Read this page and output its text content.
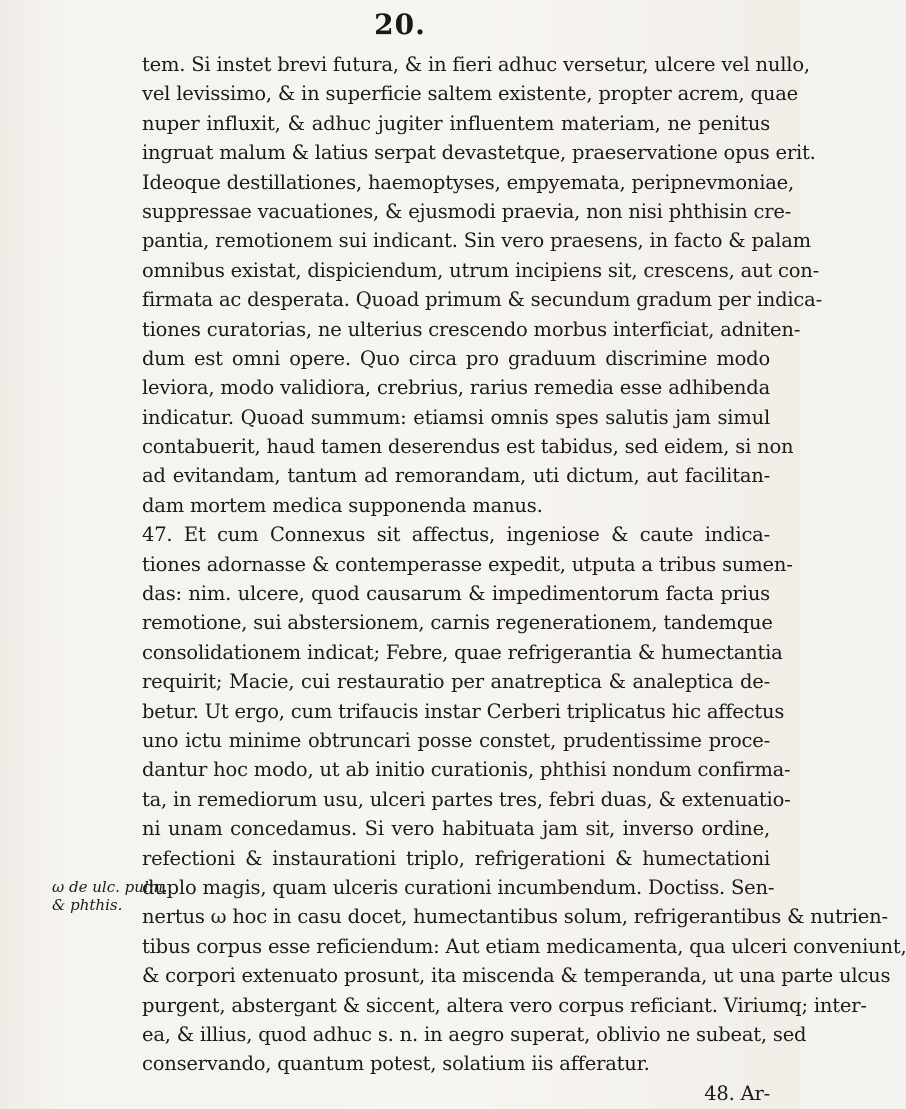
20.
tem. Si instet brevi futura, & in fieri adhuc versetur, ulcere vel nullo,
vel levissimo, & in superficie saltem existente, propter acrem, quae
nuper influxit, & adhuc jugiter influentem materiam, ne penitus
ingruat malum & latius serpat devastetque, praeservatione opus erit.
Ideoque destillationes, haemoptyses, empyemata, peripnevmoniae,
suppressae vacuationes, & ejusmodi praevia, non nisi phthisin cre-
pantia, remotionem sui indicant. Sin vero praesens, in facto & palam
omnibus existat, dispiciendum, utrum incipiens sit, crescens, aut con-
firmata ac desperata. Quoad primum & secundum gradum per indica-
tiones curatorias, ne ulterius crescendo morbus interficiat, adniten-
dum est omni opere. Quo circa pro graduum discrimine modo
leviora, modo validiora, crebrius, rarius remedia esse adhibenda
indicatur. Quoad summum: etiamsi omnis spes salutis jam simul
contabuerit, haud tamen deserendus est tabidus, sed eidem, si non
ad evitandam, tantum ad remorandam, uti dictum, aut facilitan-
dam mortem medica supponenda manus.
47. Et cum Connexus sit affectus, ingeniose & caute indica-
tiones adornasse & contemperasse expedit, utputa a tribus sumen-
das: nim. ulcere, quod causarum & impedimentorum facta prius
remotione, sui abstersionem, carnis regenerationem, tandemque
consolidationem indicat; Febre, quae refrigerantia & humectantia
requirit; Macie, cui restauratio per anatreptica & analeptica de-
betur. Ut ergo, cum trifaucis instar Cerberi triplicatus hic affectus
uno ictu minime obtruncari posse constet, prudentissime proce-
dantur hoc modo, ut ab initio curationis, phthisi nondum confirma-
ta, in remediorum usu, ulceri partes tres, febri duas, & extenuatio-
ni unam concedamus. Si vero habituata jam sit, inverso ordine,
refectioni & instaurationi triplo, refrigerationi & humectationi
duplo magis, quam ulceris curationi incumbendum. Doctiss. Sen-
nertus ω hoc in casu docet, humectantibus solum, refrigerantibus & nutrien-
tibus corpus esse reficiendum: Aut etiam medicamenta, qua ulceri conveniunt,
& corpori extenuato prosunt, ita miscenda & temperanda, ut una parte ulcus
purgent, abstergant & siccent, altera vero corpus reficiant. Viriumq; inter-
ea, & illius, quod adhuc s. n. in aegro superat, oblivio ne subeat, sed
conservando, quantum potest, solatium iis afferatur.
48. Ar-
ω de ulc. pulm.
& phthis.
